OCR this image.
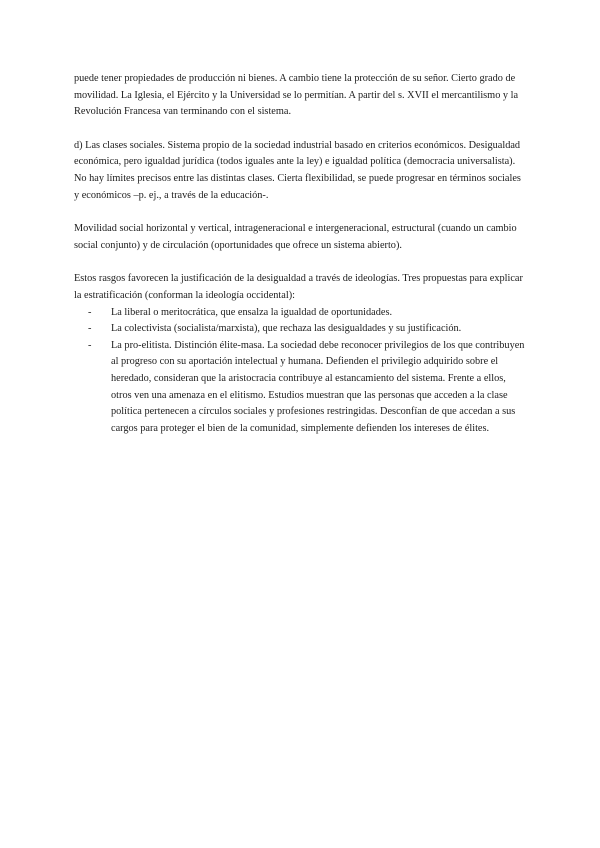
puede tener propiedades de producción ni bienes. A cambio tiene la protección de su señor. Cierto grado de movilidad. La Iglesia, el Ejército y la Universidad se lo permitían. A partir del s. XVII el mercantilismo y la Revolución Francesa van terminando con el sistema.

d) Las clases sociales. Sistema propio de la sociedad industrial basado en criterios económicos. Desigualdad económica, pero igualdad jurídica (todos iguales ante la ley) e igualdad política (democracia universalista). No hay límites precisos entre las distintas clases. Cierta flexibilidad, se puede progresar en términos sociales y económicos –p. ej., a través de la educación-.

Movilidad social horizontal y vertical, intrageneracional e intergeneracional, estructural (cuando un cambio social conjunto) y de circulación (oportunidades que ofrece un sistema abierto).

Estos rasgos favorecen la justificación de la desigualdad a través de ideologías. Tres propuestas para explicar la estratificación (conforman la ideología occidental):

- La liberal o meritocrática, que ensalza la igualdad de oportunidades.
- La colectivista (socialista/marxista), que rechaza las desigualdades y su justificación.
- La pro-elitista. Distinción élite-masa. La sociedad debe reconocer privilegios de los que contribuyen al progreso con su aportación intelectual y humana. Defienden el privilegio adquirido sobre el heredado, consideran que la aristocracia contribuye al estancamiento del sistema. Frente a ellos, otros ven una amenaza en el elitismo. Estudios muestran que las personas que acceden a la clase política pertenecen a círculos sociales y profesiones restringidas. Desconfían de que accedan a sus cargos para proteger el bien de la comunidad, simplemente defienden los intereses de élites.
